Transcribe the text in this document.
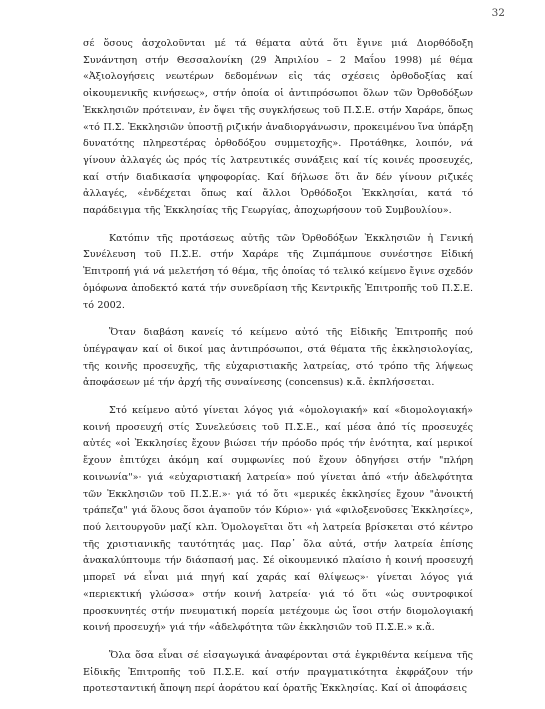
32

σέ ὅσους ἀσχολοῦνται μέ τά θέματα αὐτά ὅτι ἔγινε μιά Διορθόδοξη Συνάντηση στήν Θεσσαλονίκη (29 Ἀπριλίου – 2 Μαΐου 1998) μέ θέμα «Ἀξιολογήσεις νεωτέρων δεδομένων εἰς τάς σχέσεις ὀρθοδοξίας καί οἰκουμενικῆς κινήσεως», στήν ὁποία οἱ ἀντιπρόσωποι ὅλων τῶν Ὀρθοδόξων Ἐκκλησιῶν πρότειναν, ἐν ὄψει τῆς συγκλήσεως τοῦ Π.Σ.Ε. στήν Χαράρε, ὅπως «τό Π.Σ. Ἐκκλησιῶν ὑποστῇ ριζικήν ἀναδιοργάνωσιν, προκειμένου ἵνα ὑπάρξη δυνατότης πληρεστέρας ὀρθοδόξου συμμετοχῆς». Προτάθηκε, λοιπόν, νά γίνουν ἀλλαγές ὡς πρός τίς λατρευτικές συνάξεις καί τίς κοινές προσευχές, καί στήν διαδικασία ψηφοφορίας. Καί δήλωσε ὅτι ἄν δέν γίνουν ριζικές ἀλλαγές, «ἐνδέχεται ὅπως καί ἄλλοι Ὀρθόδοξοι Ἐκκλησίαι, κατά τό παράδειγμα τῆς Ἐκκλησίας τῆς Γεωργίας, ἀποχωρήσουν τοῦ Συμβουλίου».

Κατόπιν τῆς προτάσεως αὐτῆς τῶν Ὀρθοδόξων Ἐκκλησιῶν ἡ Γενική Συνέλευση τοῦ Π.Σ.Ε. στήν Χαράρε τῆς Ζιμπάμπουε συνέστησε Εἰδική Ἐπιτροπή γιά νά μελετήση τό θέμα, τῆς ὁποίας τό τελικό κείμενο ἔγινε σχεδόν ὁμόφωνα ἀποδεκτό κατά τήν συνεδρίαση τῆς Κεντρικῆς Ἐπιτροπῆς τοῦ Π.Σ.Ε. τό 2002.

Ὅταν διαβάση κανείς τό κείμενο αὐτό τῆς Εἰδικῆς Ἐπιτροπῆς πού ὑπέγραψαν καί οἱ δικοί μας ἀντιπρόσωποι, στά θέματα τῆς ἐκκλησιολογίας, τῆς κοινῆς προσευχῆς, τῆς εὐχαριστιακῆς λατρείας, στό τρόπο τῆς λήψεως ἀποφάσεων μέ τήν ἀρχή τῆς συναίνεσης (concensus) κ.ἄ. ἐκπλήσσεται.

Στό κείμενο αὐτό γίνεται λόγος γιά «ὁμολογιακή» καί «διομολογιακή» κοινή προσευχή στίς Συνελεύσεις τοῦ Π.Σ.Ε., καί μέσα ἀπό τίς προσευχές αὐτές «οἱ Ἐκκλησίες ἔχουν βιώσει τήν πρόοδο πρός τήν ἑνότητα, καί μερικοί ἔχουν ἐπιτύχει ἀκόμη καί συμφωνίες πού ἔχουν ὁδηγήσει στήν "πλήρη κοινωνία"»· γιά «εὐχαριστιακή λατρεία» πού γίνεται ἀπό «τήν ἀδελφότητα τῶν Ἐκκλησιῶν τοῦ Π.Σ.Ε.»· γιά τό ὅτι «μερικές ἐκκλησίες ἔχουν "ἀνοικτή τράπεζα" γιά ὅλους ὅσοι ἀγαποῦν τόν Κύριο»· γιά «φιλοξενοῦσες Ἐκκλησίες», πού λειτουργοῦν μαζί κλπ. Ὁμολογεῖται ὅτι «ἡ λατρεία βρίσκεται στό κέντρο τῆς χριστιανικῆς ταυτότητάς μας. Παρ᾿ ὅλα αὐτά, στήν λατρεία ἐπίσης ἀνακαλύπτουμε τήν διάσπασή μας. Σέ οἰκουμενικό πλαίσιο ἡ κοινή προσευχή μπορεῖ νά εἶναι μιά πηγή καί χαράς καί θλίψεως»· γίνεται λόγος γιά «περιεκτική γλώσσα» στήν κοινή λατρεία· γιά τό ὅτι «ὡς συντροφικοί προσκυνητές στήν πνευματική πορεία μετέχουμε ὡς ἴσοι στήν διομολογιακή κοινή προσευχή» γιά τήν «ἀδελφότητα τῶν ἐκκλησιῶν τοῦ Π.Σ.Ε.» κ.ἄ.

Ὅλα ὅσα εἶναι σέ εἰσαγωγικά ἀναφέρονται στά ἐγκριθέντα κείμενα τῆς Εἰδικῆς Ἐπιτροπῆς τοῦ Π.Σ.Ε. καί στήν πραγματικότητα ἐκφράζουν τήν προτεσταντική ἄποψη περί ἀοράτου καί ὁρατῆς Ἐκκλησίας. Καί οἱ ἀποφάσεις
